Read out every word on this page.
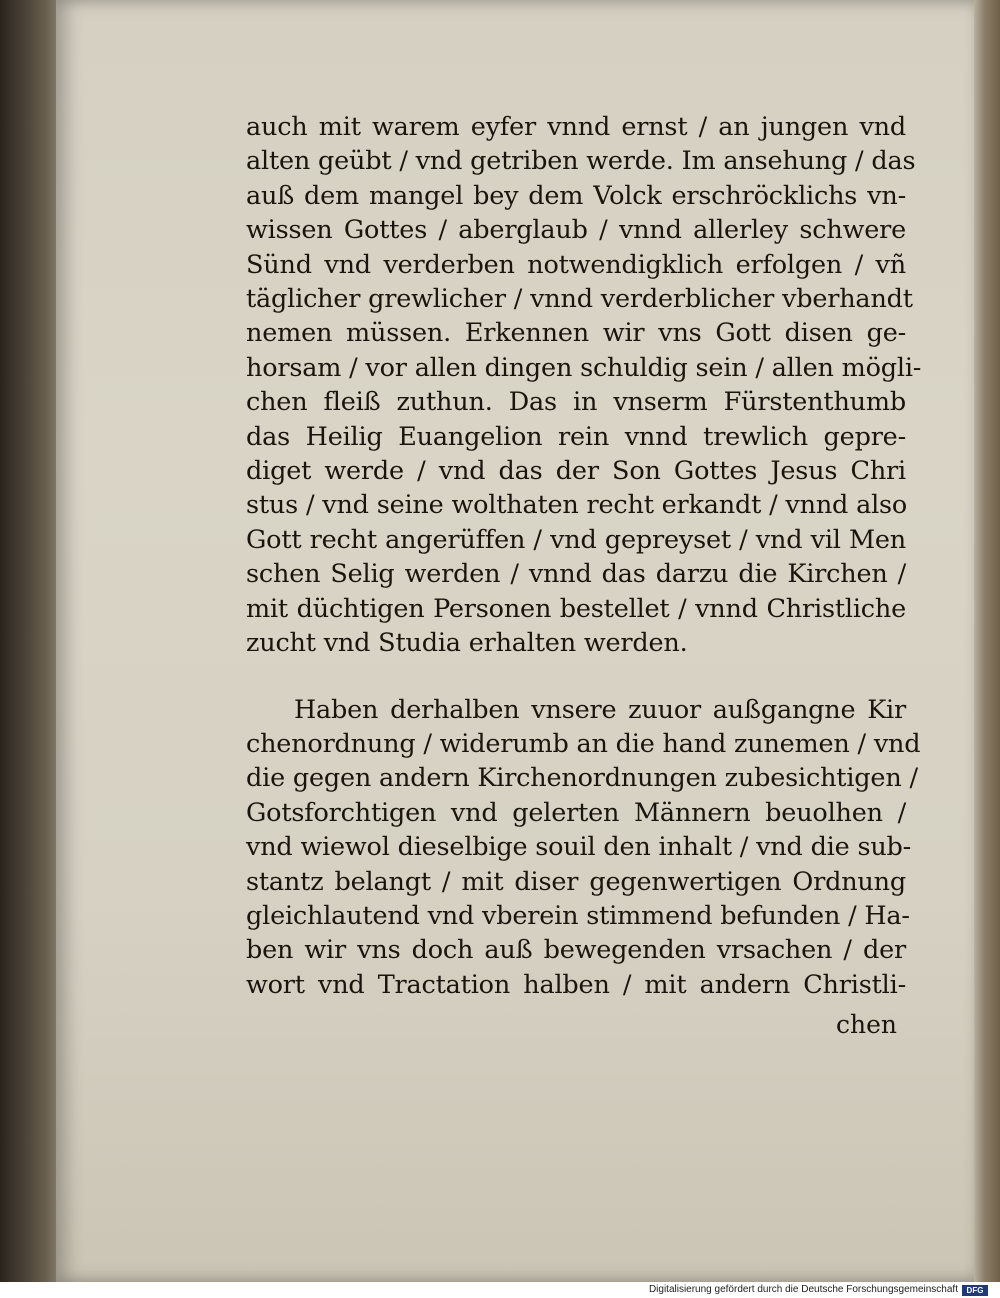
auch mit warem eyfer vnnd ernst / an jungen vnd
alten geübt / vnd getriben werde. Im ansehung / das
auß dem mangel bey dem Volck erschröcklichs vn-
wissen Gottes / aberglaub / vnnd allerley schwere
Sünd vnd verderben notwendigklich erfolgen / vñ
täglicher grewlicher / vnnd verderblicher vberhandt
nemen müssen. Erkennen wir vns Gott disen ge-
horsam / vor allen dingen schuldig sein / allen mögli-
chen fleiß zuthun. Das in vnserm Fürstenthumb
das Heilig Euangelion rein vnnd trewlich gepre-
diget werde / vnd das der Son Gottes Jesus Chri
stus / vnd seine wolthaten recht erkandt / vnnd also
Gott recht angerüffen / vnd gepreyset / vnd vil Men
schen Selig werden / vnnd das darzu die Kirchen /
mit düchtigen Personen bestellet / vnnd Christliche
zucht vnd Studia erhalten werden.

Haben derhalben vnsere zuuor außgangne Kir
chenordnung / widerumb an die hand zunemen / vnd
die gegen andern Kirchenordnungen zubesichtigen /
Gotsforchtigen vnd gelerten Männern beuolhen /
vnd wiewol dieselbige souil den inhalt / vnd die sub-
stantz belangt / mit diser gegenwertigen Ordnung
gleichlautend vnd vberein stimmend befunden / Ha-
ben wir vns doch auß bewegenden vrsachen / der
wort vnd Tractation halben / mit andern Christli-

chen
Digitalisierung gefördert durch die Deutsche Forschungsgemeinschaft	DFG
